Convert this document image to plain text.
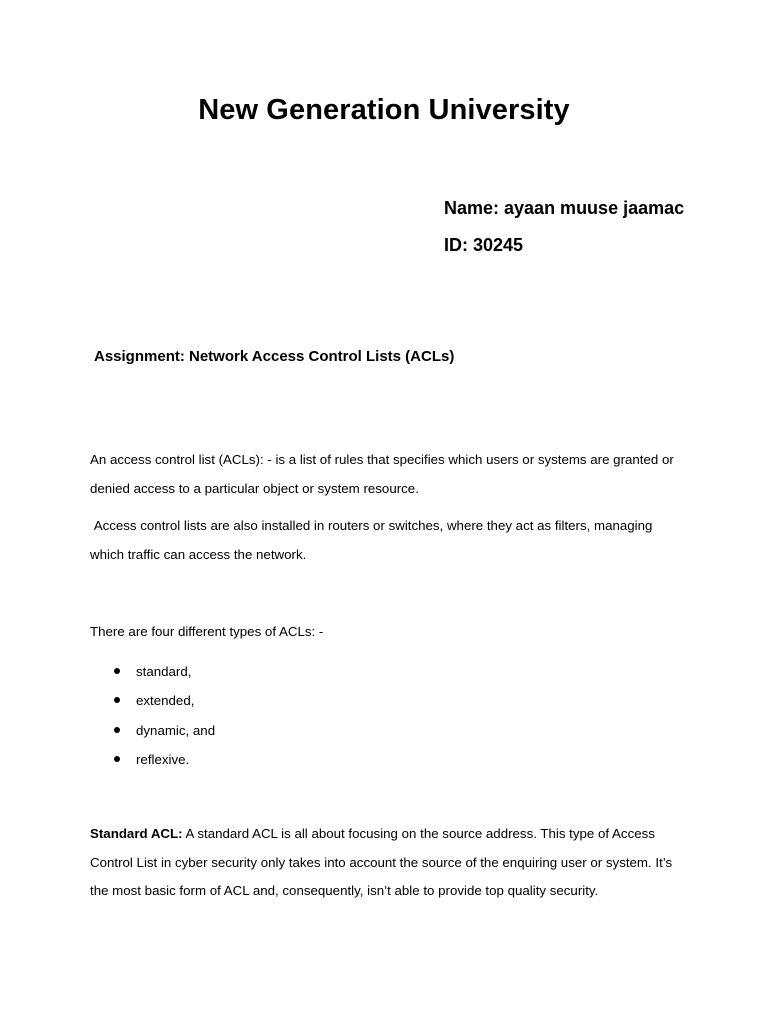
New Generation University
Name: ayaan muuse jaamac
ID: 30245
Assignment: Network Access Control Lists (ACLs)
An access control list (ACLs): - is a list of rules that specifies which users or systems are granted or denied access to a particular object or system resource.
Access control lists are also installed in routers or switches, where they act as filters, managing which traffic can access the network.
There are four different types of ACLs: -
standard,
extended,
dynamic, and
reflexive.
Standard ACL: A standard ACL is all about focusing on the source address. This type of Access Control List in cyber security only takes into account the source of the enquiring user or system. It’s the most basic form of ACL and, consequently, isn’t able to provide top quality security.
